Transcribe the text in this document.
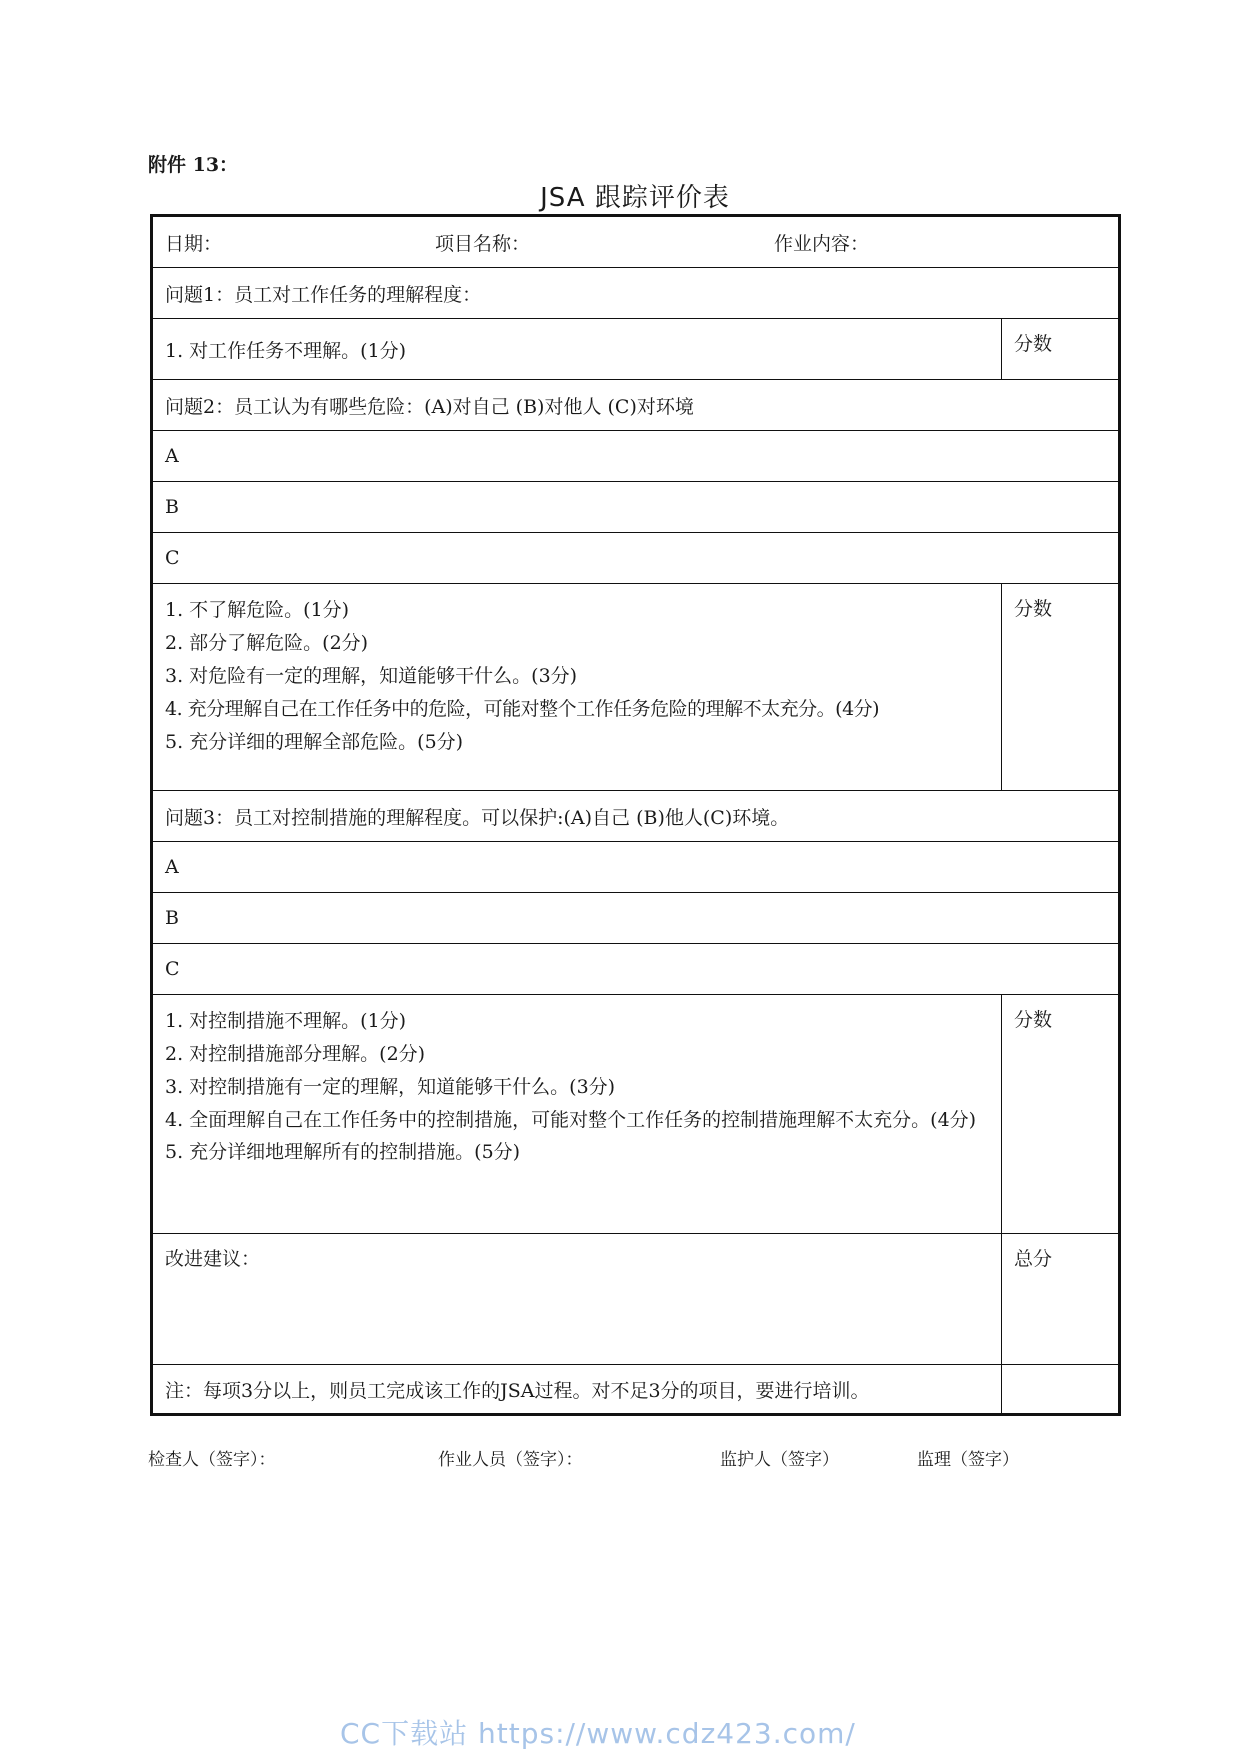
附件 13：
JSA 跟踪评价表
日期： 项目名称： 作业内容：	

问题1：员工对工作任务的理解程度：	
1. 对工作任务不理解。(1分)	分数
问题2：员工认为有哪些危险：(A)对自己 (B)对他人 (C)对环境	
A	
B	
C	

1. 不了解危险。(1分)
2. 部分了解危险。(2分)
3. 对危险有一定的理解，知道能够干什么。(3分)
4. 充分理解自己在工作任务中的危险，可能对整个工作任务危险的理解不太充分。(4分)
5. 充分详细的理解全部危险。(5分)	分数
问题3：员工对控制措施的理解程度。可以保护:(A)自己 (B)他人(C)环境。	
A	
B	
C	

1. 对控制措施不理解。(1分)
2. 对控制措施部分理解。(2分)
3. 对控制措施有一定的理解，知道能够干什么。(3分)
4. 全面理解自己在工作任务中的控制措施，可能对整个工作任务的控制措施理解不太充分。(4分)
5. 充分详细地理解所有的控制措施。(5分)	分数
改进建议：	总分
注：每项3分以上，则员工完成该工作的JSA过程。对不足3分的项目，要进行培训。	
检查人（签字）：	作业人员（签字）：	监护人（签字）	监理（签字）
CC下载站 https://www.cdz423.com/
